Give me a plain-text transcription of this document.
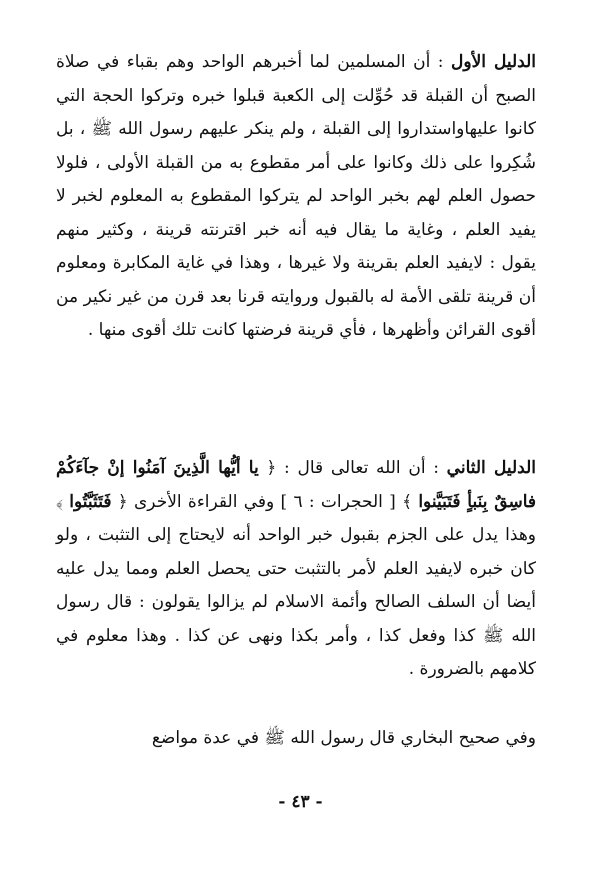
الدليل الأول : أن المسلمين لما أخبرهم الواحد وهم بقباء في صلاة الصبح أن القبلة قد حُوِّلت إلى الكعبة قبلوا خبره وتركوا الحجة التي كانوا عليهاواستداروا إلى القبلة ، ولم ينكر عليهم رسول الله ﷺ ، بل شُكِروا على ذلك وكانوا على أمر مقطوع به من القبلة الأولى ، فلولا حصول العلم لهم بخبر الواحد لم يتركوا المقطوع به المعلوم لخبر لا يفيد العلم ، وغاية ما يقال فيه أنه خبر اقترنته قرينة ، وكثير منهم يقول : لايفيد العلم بقرينة ولا غيرها ، وهذا في غاية المكابرة ومعلوم أن قرينة تلقى الأمة له بالقبول وروايته قرنا بعد قرن من غير نكير من أقوى القرائن وأظهرها ، فأي قرينة فرضتها كانت تلك أقوى منها .

الدليل الثاني : أن الله تعالى قال : ﴿ يا أيُّها الَّذِينَ آمَنُوا إنْ جآءَكُمْ فاسِقٌ بِنَبأٍ فَتَبَيَّنوا ﴾ [ الحجرات : ٦ ] وفي القراءة الأخرى ﴿ فَتَثَبَّتُوا ﴾ وهذا يدل على الجزم بقبول خبر الواحد أنه لايحتاج إلى التثبت ، ولو كان خبره لايفيد العلم لأمر بالتثبت حتى يحصل العلم ومما يدل عليه أيضا أن السلف الصالح وأئمة الاسلام لم يزالوا يقولون : قال رسول الله ﷺ كذا وفعل كذا ، وأمر بكذا ونهى عن كذا . وهذا معلوم في كلامهم بالضرورة .

وفي صحيح البخاري قال رسول الله ﷺ في عدة مواضع

- ٤٣ -
